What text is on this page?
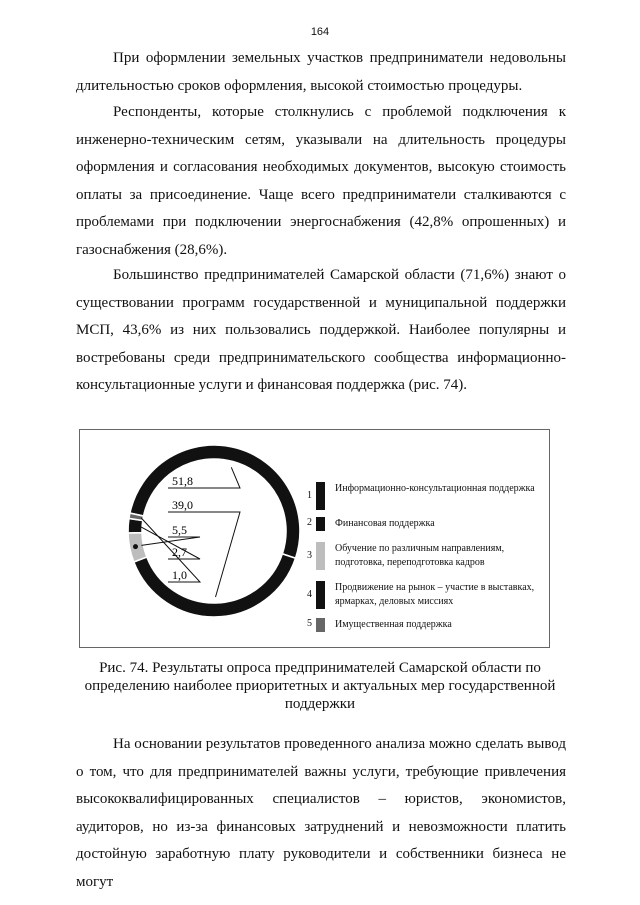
164

При оформлении земельных участков предприниматели недовольны длительностью сроков оформления, высокой стоимостью процедуры.

Респонденты, которые столкнулись с проблемой подключения к инженерно-техническим сетям, указывали на длительность процедуры оформления и согласования необходимых документов, высокую стоимость оплаты за присоединение. Чаще всего предприниматели сталкиваются с проблемами при подключении энергоснабжения (42,8% опрошенных) и газоснабжения (28,6%).

Большинство предпринимателей Самарской области (71,6%) знают о существовании программ государственной и муниципальной поддержки МСП, 43,6% из них пользовались поддержкой. Наиболее популярны и востребованы среди предпринимательского сообщества информационно-консультационные услуги и финансовая поддержка (рис. 74).

51,8
39,0
5,5
2,7
1,0
1
Информационно-консультационная поддержка
2 Финансовая поддержка
3
Обучение по различным направлениям, подготовка, переподготовка кадров
4
Продвижение на рынок – участие в выставках, ярмарках, деловых миссиях
5 Имущественная поддержка

Рис. 74. Результаты опроса предпринимателей Самарской области по определению наиболее приоритетных и актуальных мер государственной поддержки

На основании результатов проведенного анализа можно сделать вывод о том, что для предпринимателей важны услуги, требующие привлечения высококвалифицированных специалистов – юристов, экономистов, аудиторов, но из-за финансовых затруднений и невозможности платить достойную заработную плату руководители и собственники бизнеса не могут
